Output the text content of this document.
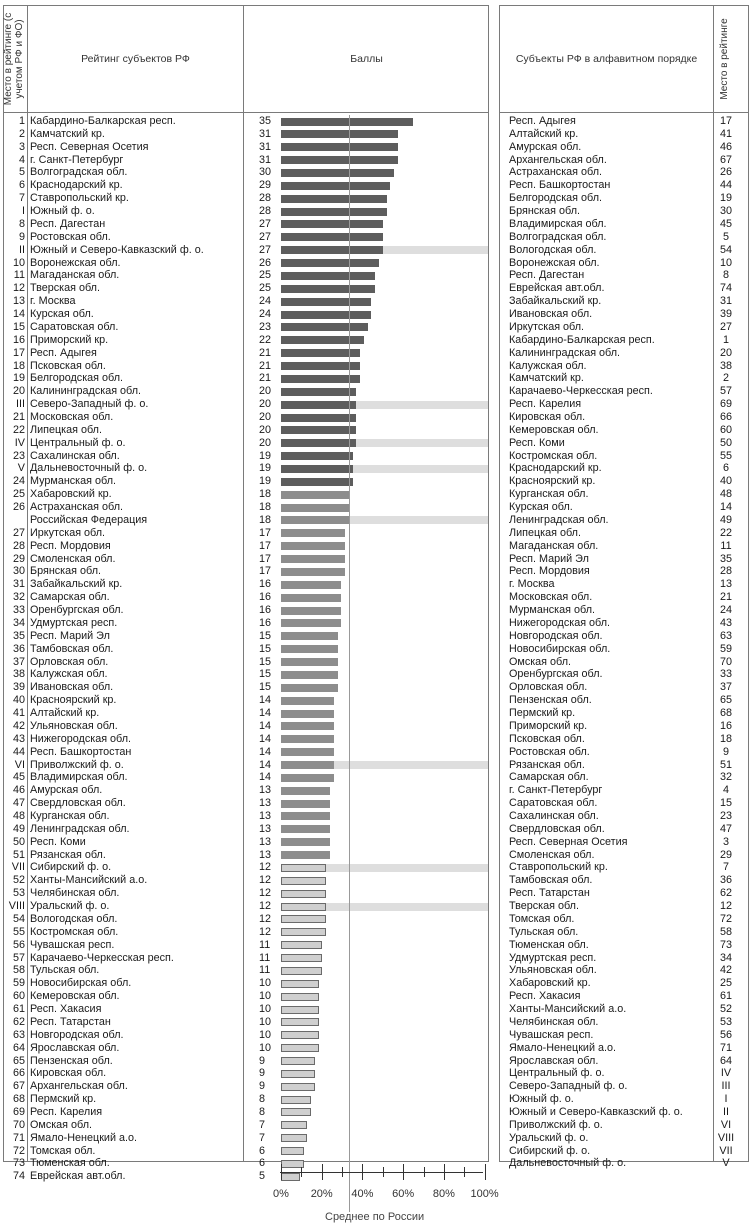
Место в рейтинге (с учетом РФ и ФО)	Рейтинг субъектов РФ	Баллы	Субъекты РФ в алфавитном порядке	Место в рейтинге
1 Кабардино-Балкарская респ.	35
2 Камчатский кр.	31
3 Респ. Северная Осетия	31
4 г. Санкт-Петербург	31
5 Волгоградская обл.	30
6 Краснодарский кр.	29
7 Ставропольский кр.	28
I Южный ф. о.	28
8 Респ. Дагестан	27
9 Ростовская обл.	27
II Южный и Северо-Кавказский ф. о.	27
10 Воронежская обл.	26
11 Магаданская обл.	25
12 Тверская обл.	25
13 г. Москва	24
14 Курская обл.	24
15 Саратовская обл.	23
16 Приморский кр.	22
17 Респ. Адыгея	21
18 Псковская обл.	21
19 Белгородская обл.	21
20 Калининградская обл.	20
III Северо-Западный ф. о.	20
21 Московская обл.	20
22 Липецкая обл.	20
IV Центральный ф. о.	20
23 Сахалинская обл.	19
V Дальневосточный ф. о.	19
24 Мурманская обл.	19
25 Хабаровский кр.	18
26 Астраханская обл.	18
Российская Федерация	18
27 Иркутская обл.	17
28 Респ. Мордовия	17
29 Смоленская обл.	17
30 Брянская обл.	17
31 Забайкальский кр.	16
32 Самарская обл.	16
33 Оренбургская обл.	16
34 Удмуртская респ.	16
35 Респ. Марий Эл	15
36 Тамбовская обл.	15
37 Орловская обл.	15
38 Калужская обл.	15
39 Ивановская обл.	15
40 Красноярский кр.	14
41 Алтайский кр.	14
42 Ульяновская обл.	14
43 Нижегородская обл.	14
44 Респ. Башкортостан	14
VI Приволжский ф. о.	14
45 Владимирская обл.	14
46 Амурская обл.	13
47 Свердловская обл.	13
48 Курганская обл.	13
49 Ленинградская обл.	13
50 Респ. Коми	13
51 Рязанская обл.	13
VII Сибирский ф. о.	12
52 Ханты-Мансийский а.о.	12
53 Челябинская обл.	12
VIII Уральский ф. о.	12
54 Вологодская обл.	12
55 Костромская обл.	12
56 Чувашская респ.	11
57 Карачаево-Черкесская респ.	11
58 Тульская обл.	11
59 Новосибирская обл.	10
60 Кемеровская обл.	10
61 Респ. Хакасия	10
62 Респ. Татарстан	10
63 Новгородская обл.	10
64 Ярославская обл.	10
65 Пензенская обл.	9
66 Кировская обл.	9
67 Архангельская обл.	9
68 Пермский кр.	8
69 Респ. Карелия	8
70 Омская обл.	7
71 Ямало-Ненецкий а.о.	7
72 Томская обл.	6
73 Тюменская обл.	6
74 Еврейская авт.обл.	5
Респ. Адыгея	17
Алтайский кр.	41
Амурская обл.	46
Архангельская обл.	67
Астраханская обл.	26
Респ. Башкортостан	44
Белгородская обл.	19
Брянская обл.	30
Владимирская обл.	45
Волгоградская обл.	5
Вологодская обл.	54
Воронежская обл.	10
Респ. Дагестан	8
Еврейская авт.обл.	74
Забайкальский кр.	31
Ивановская обл.	39
Иркутская обл.	27
Кабардино-Балкарская респ.	1
Калининградская обл.	20
Калужская обл.	38
Камчатский кр.	2
Карачаево-Черкесская респ.	57
Респ. Карелия	69
Кировская обл.	66
Кемеровская обл.	60
Респ. Коми	50
Костромская обл.	55
Краснодарский кр.	6
Красноярский кр.	40
Курганская обл.	48
Курская обл.	14
Ленинградская обл.	49
Липецкая обл.	22
Магаданская обл.	11
Респ. Марий Эл	35
Респ. Мордовия	28
г. Москва	13
Московская обл.	21
Мурманская обл.	24
Нижегородская обл.	43
Новгородская обл.	63
Новосибирская обл.	59
Омская обл.	70
Оренбургская обл.	33
Орловская обл.	37
Пензенская обл.	65
Пермский кр.	68
Приморский кр.	16
Псковская обл.	18
Ростовская обл.	9
Рязанская обл.	51
Самарская обл.	32
г. Санкт-Петербург	4
Саратовская обл.	15
Сахалинская обл.	23
Свердловская обл.	47
Респ. Северная Осетия	3
Смоленская обл.	29
Ставропольский кр.	7
Тамбовская обл.	36
Респ. Татарстан	62
Тверская обл.	12
Томская обл.	72
Тульская обл.	58
Тюменская обл.	73
Удмуртская респ.	34
Ульяновская обл.	42
Хабаровский кр.	25
Респ. Хакасия	61
Ханты-Мансийский а.о.	52
Челябинская обл.	53
Чувашская респ.	56
Ямало-Ненецкий а.о.	71
Ярославская обл.	64
Центральный ф. о.	IV
Северо-Западный ф. о.	III
Южный ф. о.	I
Южный и Северо-Кавказский ф. о.	II
Приволжский ф. о.	VI
Уральский ф. о.	VIII
Сибирский ф. о.	VII
Дальневосточный ф. о.	V
0% 20% 40% 60% 80% 100%
Среднее по России
